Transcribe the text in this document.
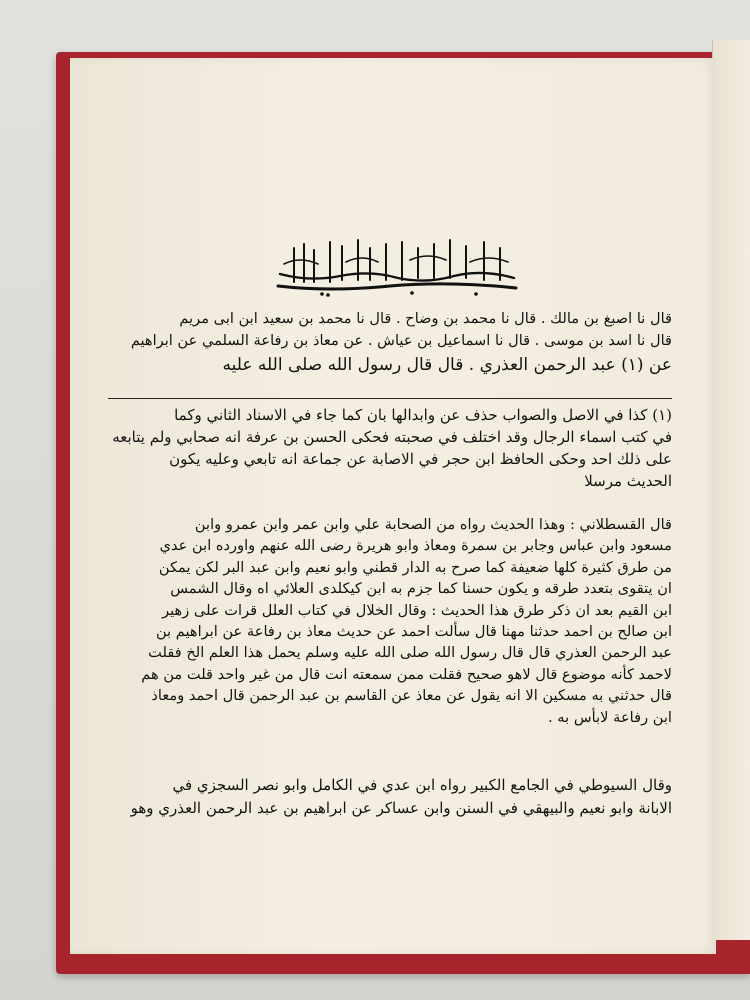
قال نا اصبغ بن مالك . قال نا محمد بن وضاح . قال نا محمد بن سعيد ابن ابى مريم
قال نا اسد بن موسى . قال نا اسماعيل بن عياش . عن معاذ بن رفاعة السلمي عن ابراهيم
عن (١) عبد الرحمن العذري . قال قال رسول الله صلى الله عليه
(١) كذا في الاصل والصواب حذف عن وابدالها بان كما جاء في الاسناد الثاني وكما
في كتب اسماء الرجال وقد اختلف في صحبته فحكى الحسن بن عرفة انه صحابي ولم يتابعه
على ذلك احد وحكى الحافظ ابن حجر في الاصابة عن جماعة انه تابعي وعليه يكون
الحديث مرسلا
قال القسطلاني : وهذا الحديث رواه من الصحابة علي وابن عمر وابن عمرو وابن
مسعود وابن عباس وجابر بن سمرة ومعاذ وابو هريرة رضى الله عنهم واورده ابن عدي
من طرق كثيرة كلها ضعيفة كما صرح به الدار قطني وابو نعيم وابن عبد البر لكن يمكن
ان يتقوى بتعدد طرقه و يكون حسنا كما جزم به ابن كيكلدى العلائي اه وقال الشمس
ابن القيم بعد ان ذكر طرق هذا الحديث : وقال الخلال في كتاب العلل قرات على زهير
ابن صالح بن احمد حدثنا مهنا قال سألت احمد عن حديث معاذ بن رفاعة عن ابراهيم بن
عبد الرحمن العذري قال قال رسول الله صلى الله عليه وسلم يحمل هذا العلم الخ فقلت
لاحمد كأنه موضوع قال لاهو صحيح فقلت ممن سمعته انت قال من غير واحد قلت من هم
قال حدثني به مسكين الا انه يقول عن معاذ عن القاسم بن عبد الرحمن قال احمد ومعاذ
ابن رفاعة لابأس به .
وقال السيوطي في الجامع الكبير رواه ابن عدي في الكامل وابو نصر السجزي في
الابانة وابو نعيم والبيهقي في السنن وابن عساكر عن ابراهيم بن عبد الرحمن العذري وهو
